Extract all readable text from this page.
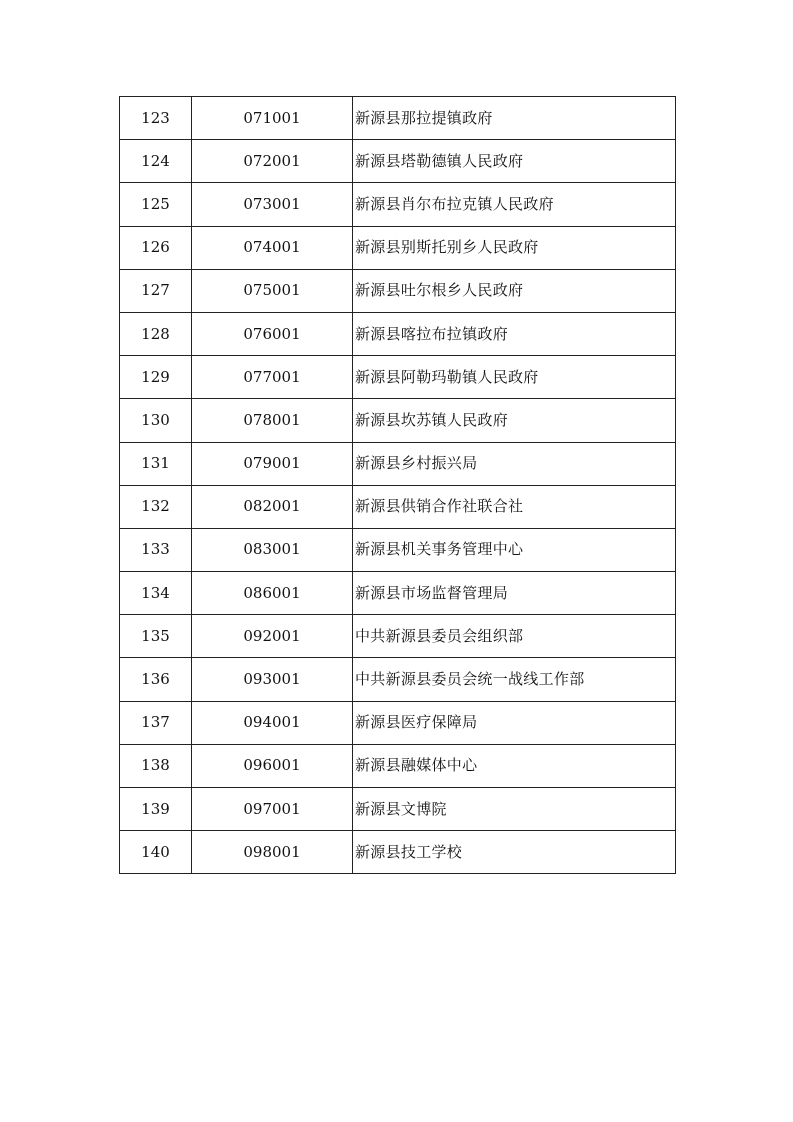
123	071001	新源县那拉提镇政府
124	072001	新源县塔勒德镇人民政府
125	073001	新源县肖尔布拉克镇人民政府
126	074001	新源县别斯托别乡人民政府
127	075001	新源县吐尔根乡人民政府
128	076001	新源县喀拉布拉镇政府
129	077001	新源县阿勒玛勒镇人民政府
130	078001	新源县坎苏镇人民政府
131	079001	新源县乡村振兴局
132	082001	新源县供销合作社联合社
133	083001	新源县机关事务管理中心
134	086001	新源县市场监督管理局
135	092001	中共新源县委员会组织部
136	093001	中共新源县委员会统一战线工作部
137	094001	新源县医疗保障局
138	096001	新源县融媒体中心
139	097001	新源县文博院
140	098001	新源县技工学校
